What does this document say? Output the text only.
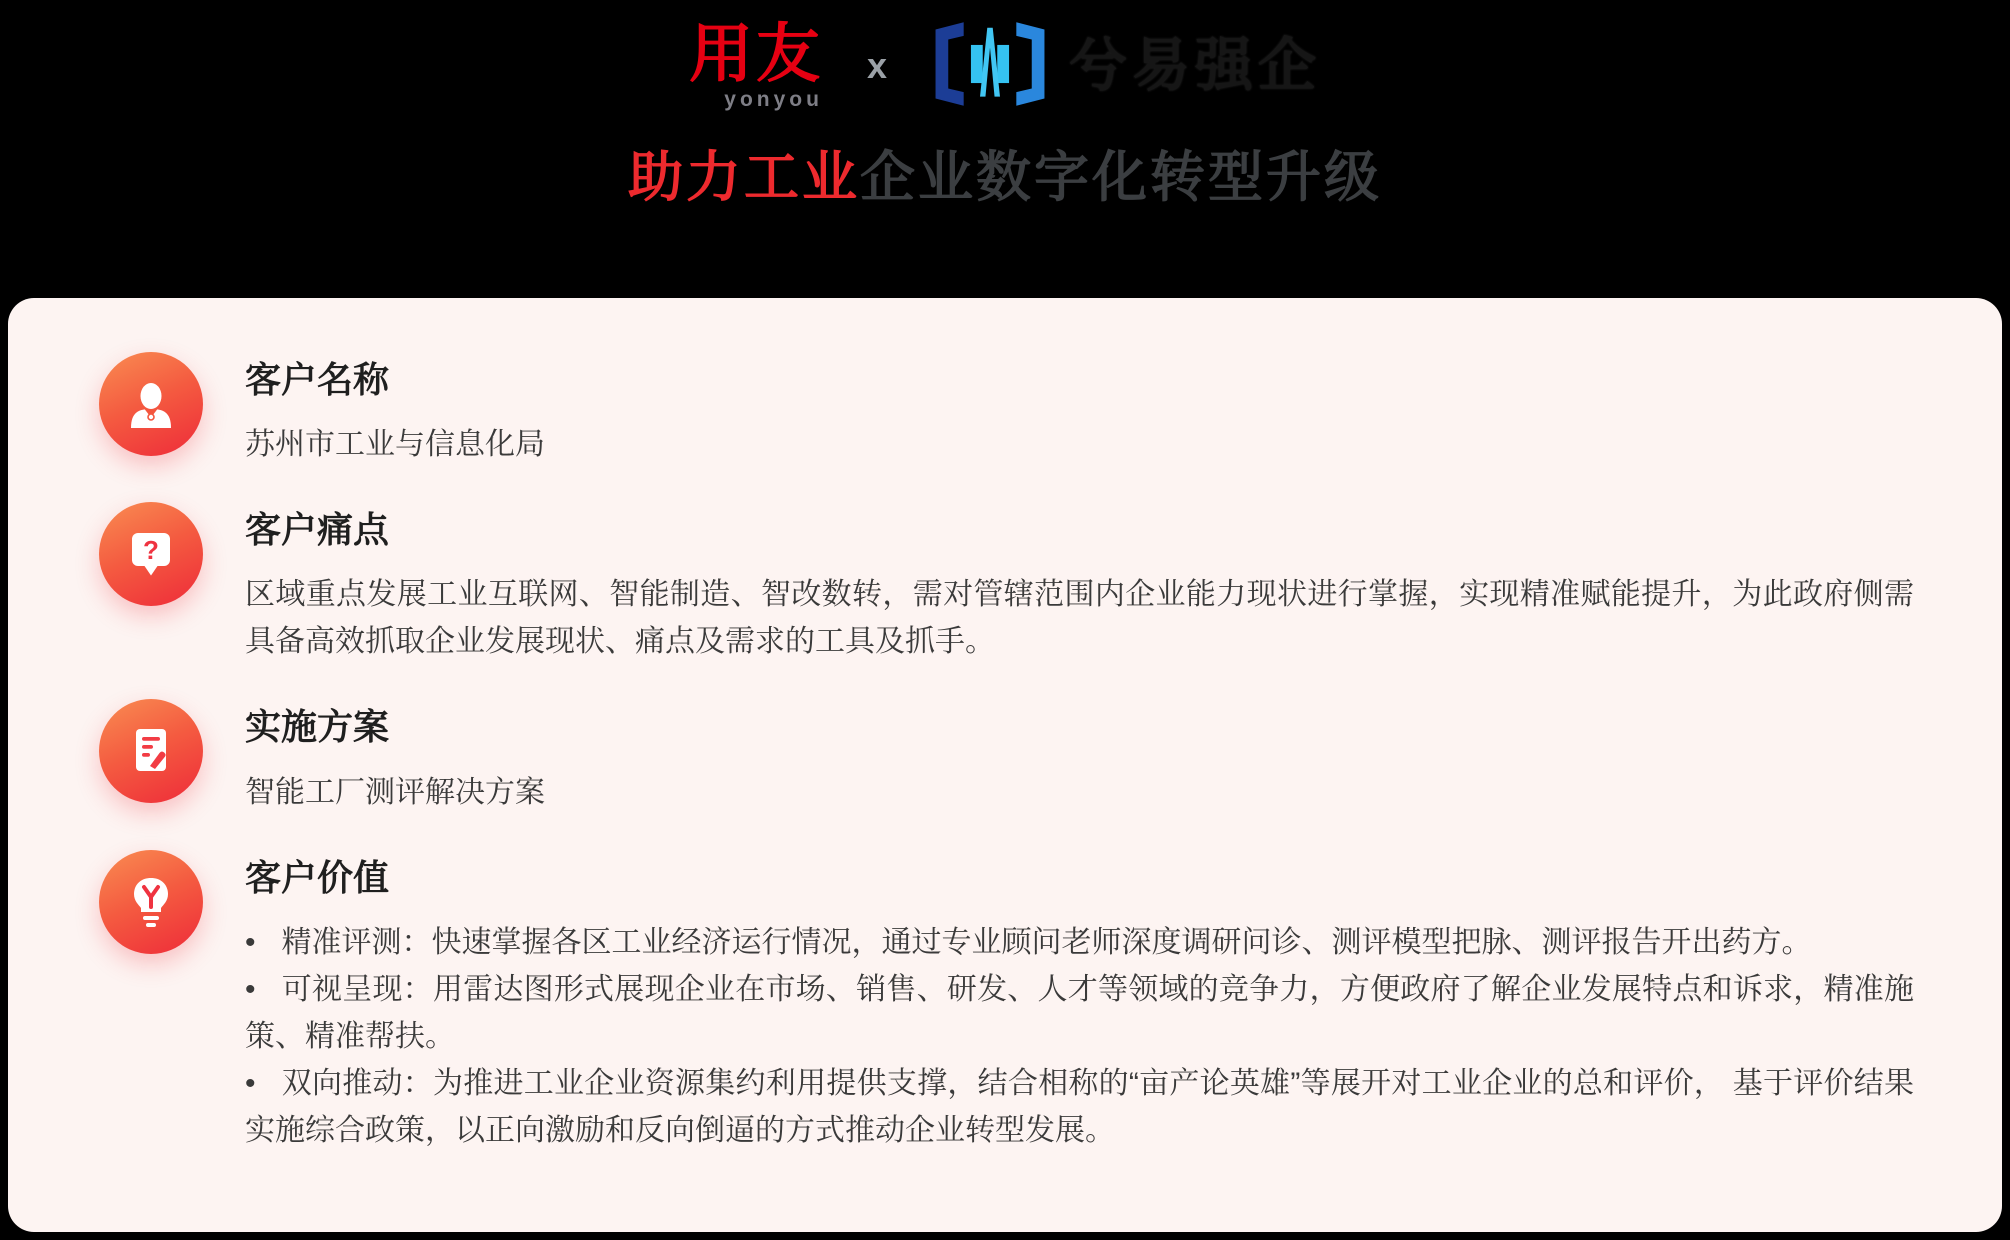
用友
yonyou
x	兮易强企
助力工业企业数字化转型升级
客户名称

苏州市工业与信息化局

? 客户痛点

区域重点发展工业互联网、智能制造、智改数转，需对管辖范围内企业能力现状进行掌握，实现精准赋能提升，为此政府侧需具备高效抓取企业发展现状、痛点及需求的工具及抓手。

实施方案

智能工厂测评解决方案

客户价值
• 精准评测：快速掌握各区工业经济运行情况，通过专业顾问老师深度调研问诊、测评模型把脉、测评报告开出药方。
• 可视呈现：用雷达图形式展现企业在市场、销售、研发、人才等领域的竞争力，方便政府了解企业发展特点和诉求，精准施策、精准帮扶。
• 双向推动：为推进工业企业资源集约利用提供支撑，结合相称的“亩产论英雄”等展开对工业企业的总和评价， 基于评价结果实施综合政策，以正向激励和反向倒逼的方式推动企业转型发展。
